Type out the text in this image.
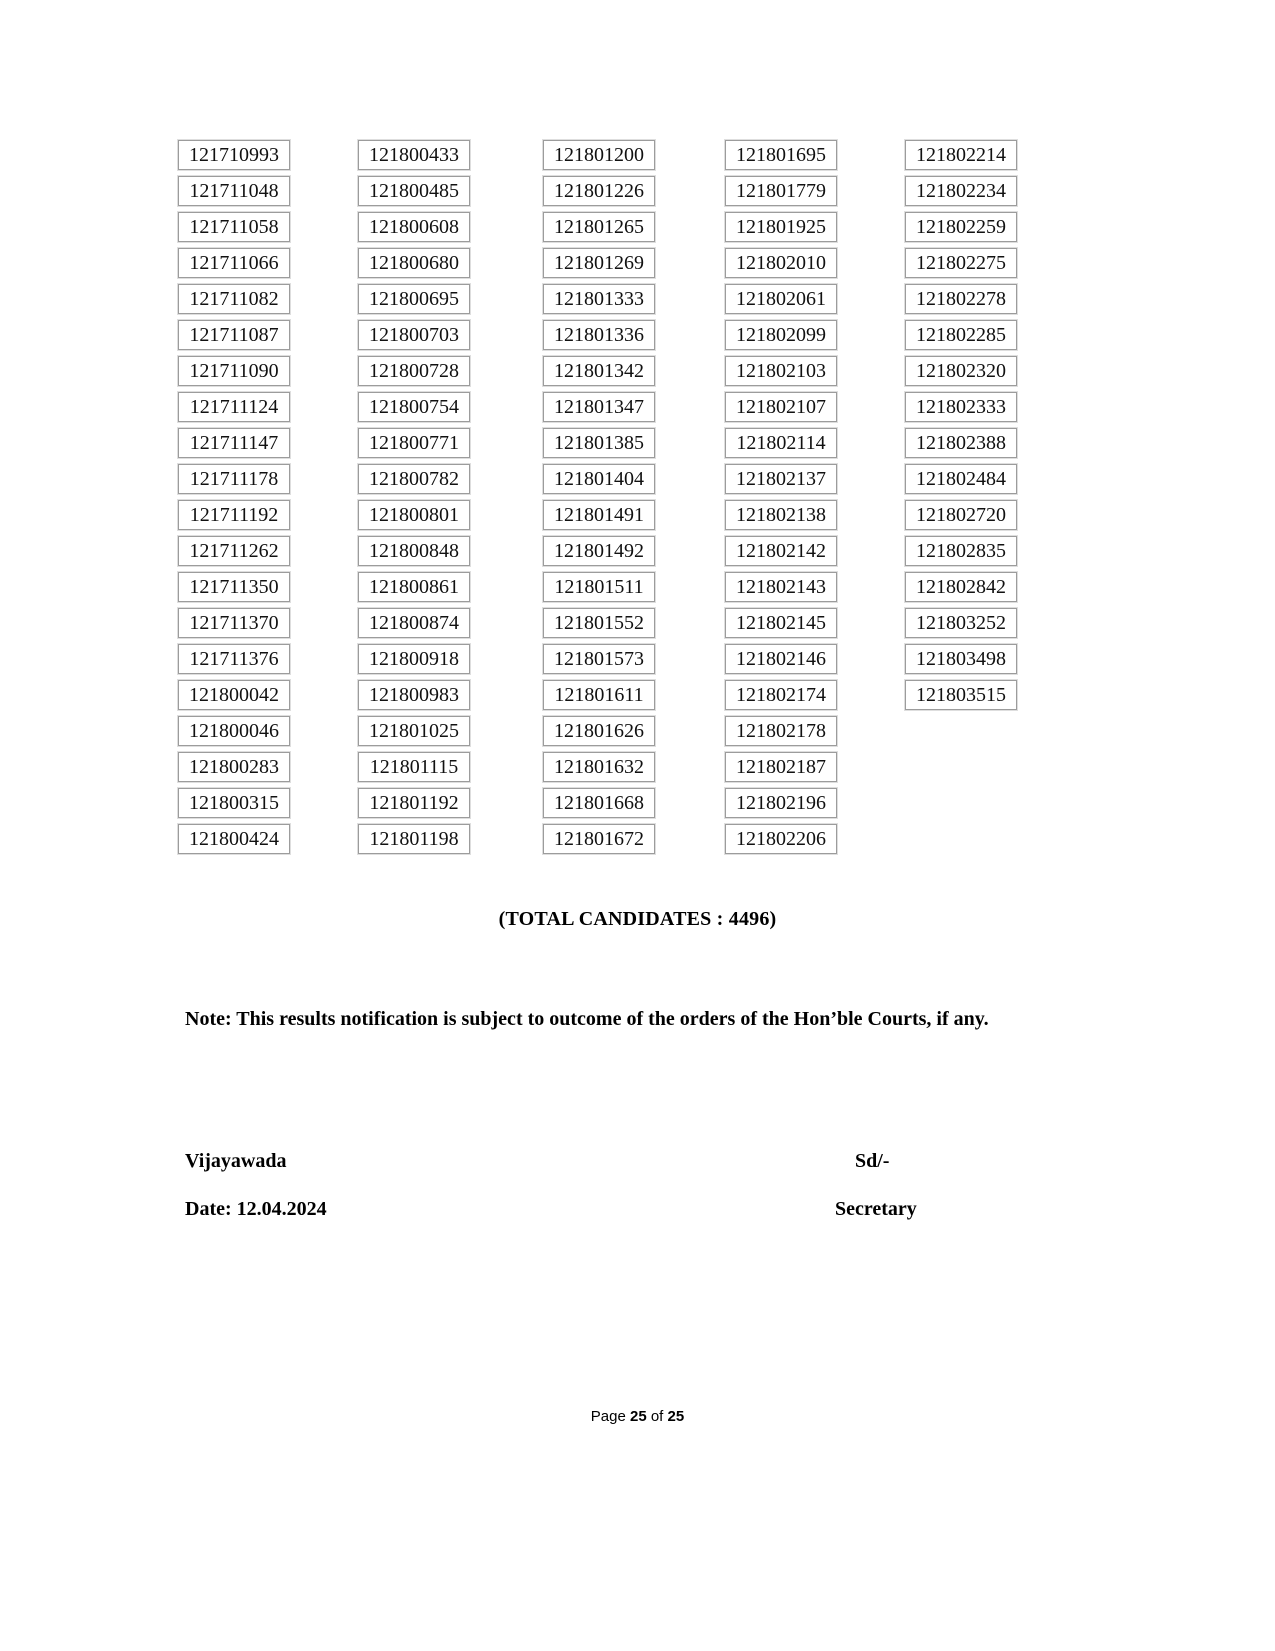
121710993
121711048
121711058
121711066
121711082
121711087
121711090
121711124
121711147
121711178
121711192
121711262
121711350
121711370
121711376
121800042
121800046
121800283
121800315
121800424
121800433
121800485
121800608
121800680
121800695
121800703
121800728
121800754
121800771
121800782
121800801
121800848
121800861
121800874
121800918
121800983
121801025
121801115
121801192
121801198
121801200
121801226
121801265
121801269
121801333
121801336
121801342
121801347
121801385
121801404
121801491
121801492
121801511
121801552
121801573
121801611
121801626
121801632
121801668
121801672
121801695
121801779
121801925
121802010
121802061
121802099
121802103
121802107
121802114
121802137
121802138
121802142
121802143
121802145
121802146
121802174
121802178
121802187
121802196
121802206
121802214
121802234
121802259
121802275
121802278
121802285
121802320
121802333
121802388
121802484
121802720
121802835
121802842
121803252
121803498
121803515
(TOTAL CANDIDATES : 4496)
Note: This results notification is subject to outcome of the orders of the Hon’ble Courts, if any.
Vijayawada	Sd/-
Date: 12.04.2024	Secretary
Page 25 of 25
